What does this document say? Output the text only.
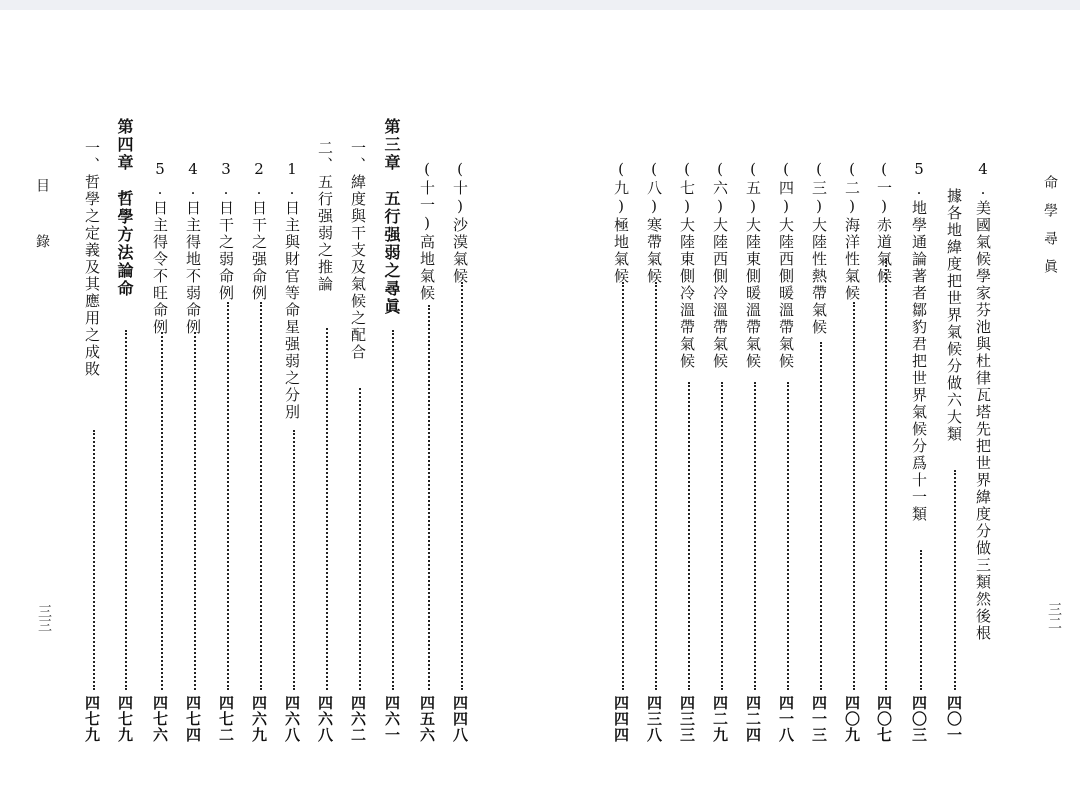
命學尋眞
三二
4.美國氣候學家芬池與杜律瓦塔先把世界緯度分做三類然後根
據各地緯度把世界氣候分做六大類
四〇一
5.地學通論著者鄒豹君把世界氣候分爲十一類
四〇三
(一)赤道氣候
四〇七
(二)海洋性氣候
四〇九
(三)大陸性熱帶氣候
四一三
(四)大陸西側暖溫帶氣候
四一八
(五)大陸東側暖溫帶氣候
四二四
(六)大陸西側冷溫帶氣候
四二九
(七)大陸東側冷溫帶氣候
四三三
(八)寒帶氣候
四三八
(九)極地氣候
四四四
目　錄
三三
(十)沙漠氣候
四四八
(十一)高地氣候
四五六
第三章　五行强弱之尋眞
四六一
一、緯度與干支及氣候之配合
四六二
二、五行强弱之推論
四六八
1.日主與財官等命星强弱之分別
四六八
2.日干之强命例
四六九
3.日干之弱命例
四七二
4.日主得地不弱命例
四七四
5.日主得令不旺命例
四七六
第四章　哲學方法論命
四七九
一、哲學之定義及其應用之成敗
四七九
